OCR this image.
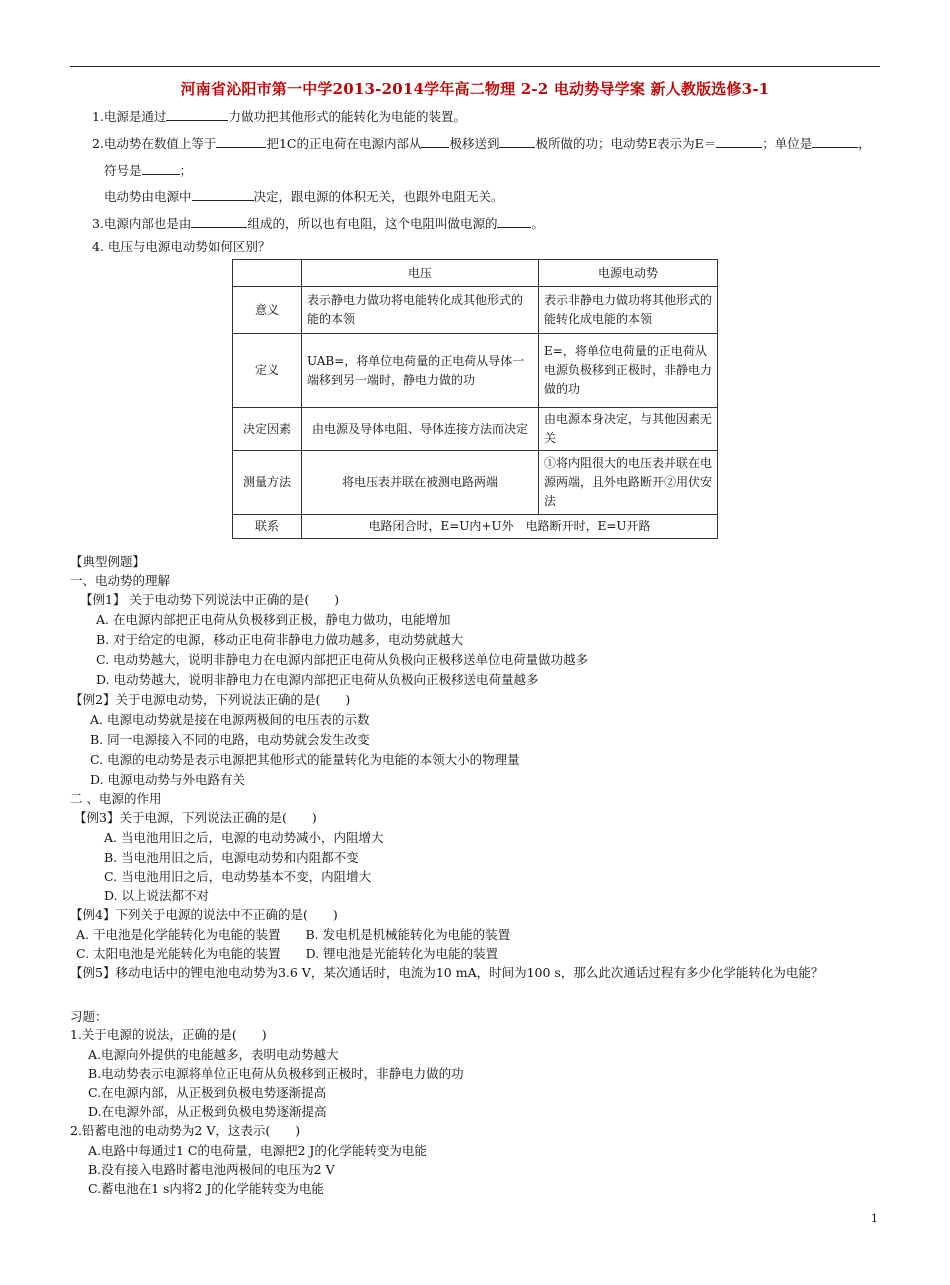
河南省沁阳市第一中学2013-2014学年高二物理 2-2 电动势导学案 新人教版选修3-1
1.电源是通过	力做功把其他形式的能转化为电能的装置。
2.电动势在数值上等于	把1C的正电荷在电源内部从 极移送到	极所做的功；电动势E表示为E＝	；单位是	，
符号是	；
电动势由电源中	决定，跟电源的体积无关，也跟外电阻无关。
3.电源内部也是由	组成的，所以也有电阻，这个电阻叫做电源的	。
4. 电压与电源电动势如何区别？
	电压	电源电动势
意义	表示静电力做功将电能转化成其他形式的能的本领	表示非静电力做功将其他形式的能转化成电能的本领
定义	UAB=，将单位电荷量的正电荷从导体一端移到另一端时，静电力做的功	E=，将单位电荷量的正电荷从电源负极移到正极时，非静电力做的功
决定因素	由电源及导体电阻、导体连接方法而决定	由电源本身决定，与其他因素无关
测量方法	将电压表并联在被测电路两端	①将内阻很大的电压表并联在电源两端，且外电路断开②用伏安法
联系	电路闭合时，E=U内+U外　电路断开时，E=U开路	
【典型例题】
一、电动势的理解
【例1】 关于电动势下列说法中正确的是(　　)
A. 在电源内部把正电荷从负极移到正极，静电力做功，电能增加
B. 对于给定的电源，移动正电荷非静电力做功越多，电动势就越大
C. 电动势越大，说明非静电力在电源内部把正电荷从负极向正极移送单位电荷量做功越多
D. 电动势越大，说明非静电力在电源内部把正电荷从负极向正极移送电荷量越多
【例2】关于电源电动势，下列说法正确的是(　　)
A. 电源电动势就是接在电源两极间的电压表的示数
B. 同一电源接入不同的电路，电动势就会发生改变
C. 电源的电动势是表示电源把其他形式的能量转化为电能的本领大小的物理量
D. 电源电动势与外电路有关
二 、电源的作用
【例3】关于电源，下列说法正确的是(　　)
A. 当电池用旧之后，电源的电动势减小，内阻增大
B. 当电池用旧之后，电源电动势和内阻都不变
C. 当电池用旧之后，电动势基本不变，内阻增大
D. 以上说法都不对
【例4】下列关于电源的说法中不正确的是(　　)
A. 干电池是化学能转化为电能的装置　　B. 发电机是机械能转化为电能的装置
C. 太阳电池是光能转化为电能的装置　　D. 锂电池是光能转化为电能的装置
【例5】移动电话中的锂电池电动势为3.6 V，某次通话时，电流为10 mA，时间为100 s，那么此次通话过程有多少化学能转化为电能？
习题：
1.关于电源的说法，正确的是(　　)
A.电源向外提供的电能越多，表明电动势越大
B.电动势表示电源将单位正电荷从负极移到正极时，非静电力做的功
C.在电源内部，从正极到负极电势逐渐提高
D.在电源外部，从正极到负极电势逐渐提高
2.铅蓄电池的电动势为2 V，这表示(　　)
A.电路中每通过1 C的电荷量，电源把2 J的化学能转变为电能
B.没有接入电路时蓄电池两极间的电压为2 V
C.蓄电池在1 s内将2 J的化学能转变为电能
1
